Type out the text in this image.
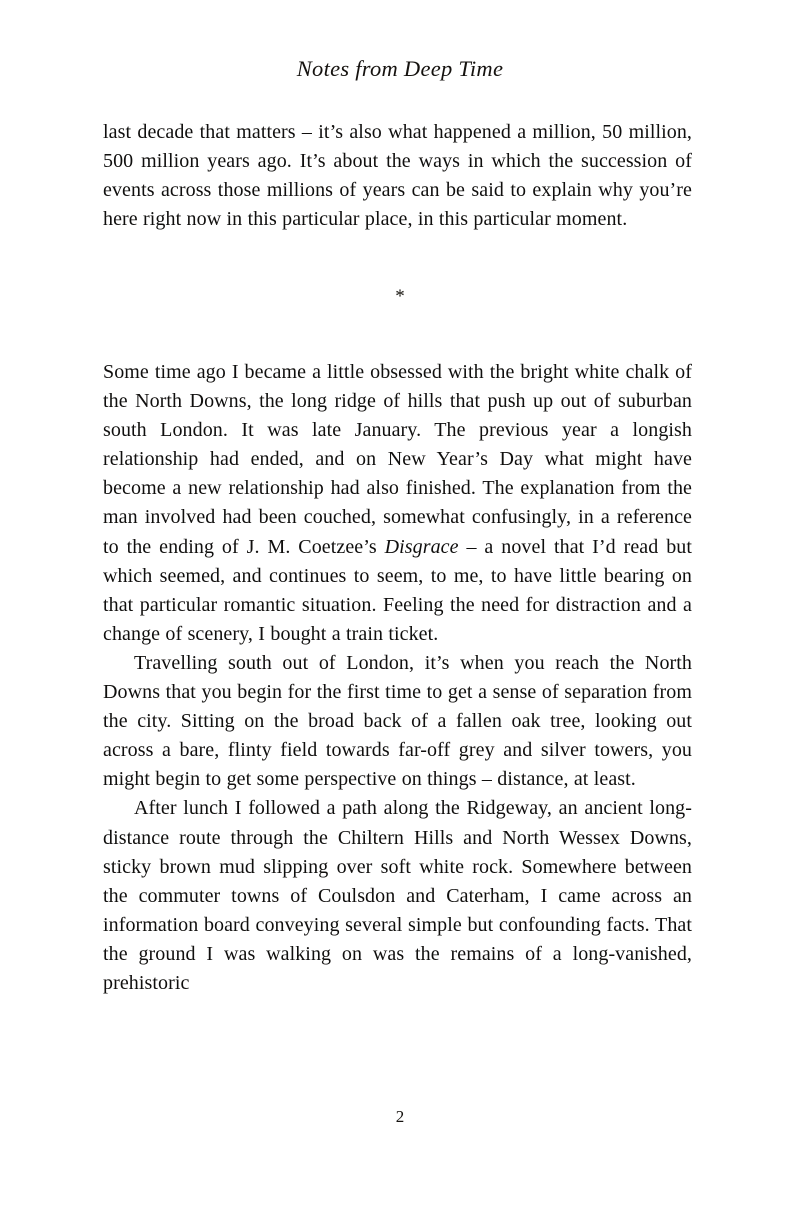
Notes from Deep Time

last decade that matters – it’s also what happened a million, 50 million, 500 million years ago. It’s about the ways in which the succession of events across those millions of years can be said to explain why you’re here right now in this particular place, in this particular moment.

*

Some time ago I became a little obsessed with the bright white chalk of the North Downs, the long ridge of hills that push up out of suburban south London. It was late January. The previous year a longish relationship had ended, and on New Year’s Day what might have become a new relationship had also finished. The explanation from the man involved had been couched, somewhat confusingly, in a reference to the ending of J. M. Coetzee’s Disgrace – a novel that I’d read but which seemed, and continues to seem, to me, to have little bearing on that particular romantic situation. Feeling the need for distraction and a change of scenery, I bought a train ticket.

Travelling south out of London, it’s when you reach the North Downs that you begin for the first time to get a sense of separation from the city. Sitting on the broad back of a fallen oak tree, looking out across a bare, flinty field towards far-off grey and silver towers, you might begin to get some perspective on things – distance, at least.

After lunch I followed a path along the Ridgeway, an ancient long-distance route through the Chiltern Hills and North Wessex Downs, sticky brown mud slipping over soft white rock. Somewhere between the commuter towns of Coulsdon and Caterham, I came across an information board conveying several simple but confounding facts. That the ground I was walking on was the remains of a long-vanished, prehistoric

2
